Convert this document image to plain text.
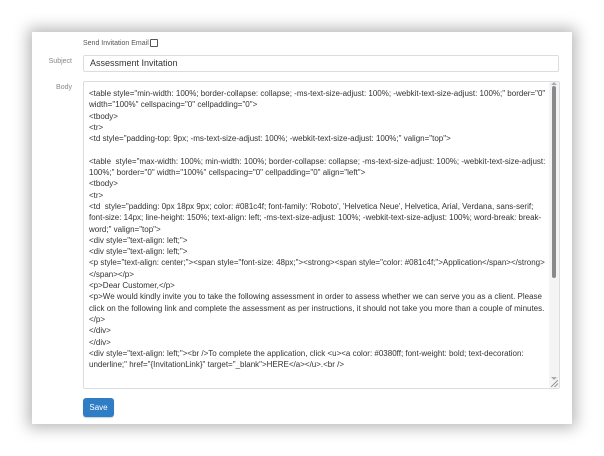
Send Invitation Email
Subject	Assessment Invitation
Body
<table style="min-width: 100%; border-collapse: collapse; -ms-text-size-adjust: 100%; -webkit-text-size-adjust: 100%;" border="0" width="100%" cellspacing="0" cellpadding="0">
<tbody>
<tr>
<td style="padding-top: 9px; -ms-text-size-adjust: 100%; -webkit-text-size-adjust: 100%;" valign="top">

<table  style="max-width: 100%; min-width: 100%; border-collapse: collapse; -ms-text-size-adjust: 100%; -webkit-text-size-adjust: 100%;" border="0" width="100%" cellspacing="0" cellpadding="0" align="left">
<tbody>
<tr>
<td  style="padding: 0px 18px 9px; color: #081c4f; font-family: 'Roboto', 'Helvetica Neue', Helvetica, Arial, Verdana, sans-serif; font-size: 14px; line-height: 150%; text-align: left; -ms-text-size-adjust: 100%; -webkit-text-size-adjust: 100%; word-break: break-word;" valign="top">
<div style="text-align: left;">
<div style="text-align: left;">
<p style="text-align: center;"><span style="font-size: 48px;"><strong><span style="color: #081c4f;">Application</span></strong></span></p>
<p>Dear Customer,</p>
<p>We would kindly invite you to take the following assessment in order to assess whether we can serve you as a client. Please click on the following link and complete the assessment as per instructions, it should not take you more than a couple of minutes.</p>
</div>
</div>
<div style="text-align: left;"><br />To complete the application, click <u><a color: #0380ff; font-weight: bold; text-decoration: underline;" href="{InvitationLink}" target="_blank">HERE</a></u>.<br />
Save
